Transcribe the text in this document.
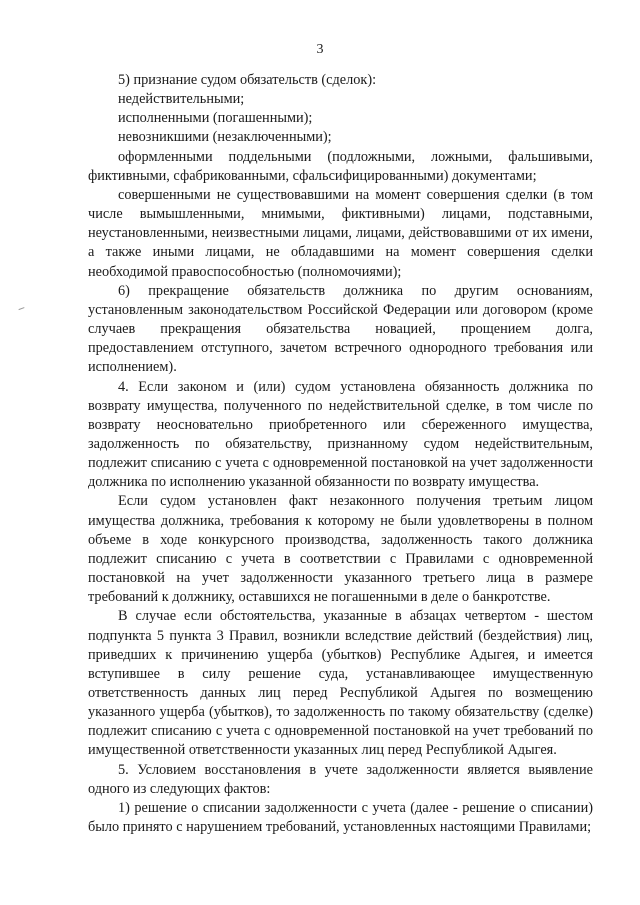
3

5) признание судом обязательств (сделок):

недействительными;

исполненными (погашенными);

невозникшими (незаключенными);

оформленными поддельными (подложными, ложными, фальшивыми, фиктивными, сфабрикованными, сфальсифицированными) документами;

совершенными не существовавшими на момент совершения сделки (в том числе вымышленными, мнимыми, фиктивными) лицами, подставными, неустановленными, неизвестными лицами, лицами, действовавшими от их имени, а также иными лицами, не обладавшими на момент совершения сделки необходимой правоспособностью (полномочиями);

6) прекращение обязательств должника по другим основаниям, установленным законодательством Российской Федерации или договором (кроме случаев прекращения обязательства новацией, прощением долга, предоставлением отступного, зачетом встречного однородного требования или исполнением).

4. Если законом и (или) судом установлена обязанность должника по возврату имущества, полученного по недействительной сделке, в том числе по возврату неосновательно приобретенного или сбереженного имущества, задолженность по обязательству, признанному судом недействительным, подлежит списанию с учета с одновременной постановкой на учет задолженности должника по исполнению указанной обязанности по возврату имущества.

Если судом установлен факт незаконного получения третьим лицом имущества должника, требования к которому не были удовлетворены в полном объеме в ходе конкурсного производства, задолженность такого должника подлежит списанию с учета в соответствии с Правилами с одновременной постановкой на учет задолженности указанного третьего лица в размере требований к должнику, оставшихся не погашенными в деле о банкротстве.

В случае если обстоятельства, указанные в абзацах четвертом - шестом подпункта 5 пункта 3 Правил, возникли вследствие действий (бездействия) лиц, приведших к причинению ущерба (убытков) Республике Адыгея, и имеется вступившее в силу решение суда, устанавливающее имущественную ответственность данных лиц перед Республикой Адыгея по возмещению указанного ущерба (убытков), то задолженность по такому обязательству (сделке) подлежит списанию с учета с одновременной постановкой на учет требований по имущественной ответственности указанных лиц перед Республикой Адыгея.

5. Условием восстановления в учете задолженности является выявление одного из следующих фактов:

1) решение о списании задолженности с учета (далее - решение о списании) было принято с нарушением требований, установленных настоящими Правилами;
